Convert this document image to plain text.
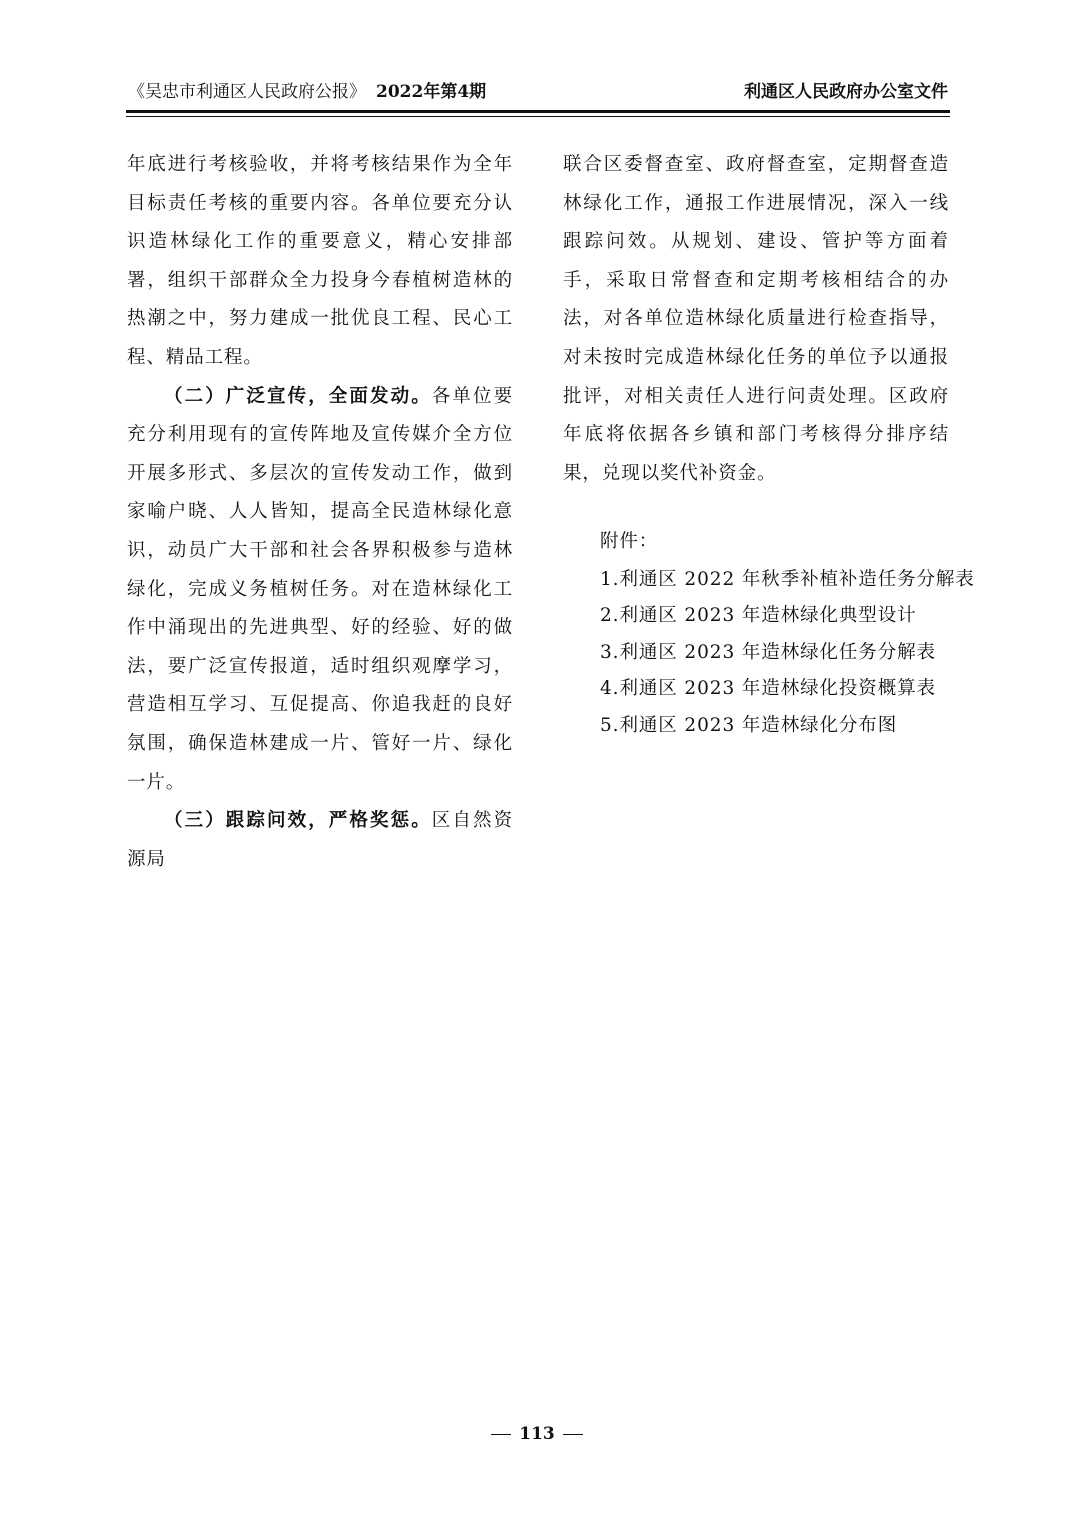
《吴忠市利通区人民政府公报》 2022年第4期	利通区人民政府办公室文件

年底进行考核验收，并将考核结果作为全年目标责任考核的重要内容。各单位要充分认识造林绿化工作的重要意义，精心安排部署，组织干部群众全力投身今春植树造林的热潮之中，努力建成一批优良工程、民心工程、精品工程。

（二）广泛宣传，全面发动。各单位要充分利用现有的宣传阵地及宣传媒介全方位开展多形式、多层次的宣传发动工作，做到家喻户晓、人人皆知，提高全民造林绿化意识，动员广大干部和社会各界积极参与造林绿化，完成义务植树任务。对在造林绿化工作中涌现出的先进典型、好的经验、好的做法，要广泛宣传报道，适时组织观摩学习，营造相互学习、互促提高、你追我赶的良好氛围，确保造林建成一片、管好一片、绿化一片。

（三）跟踪问效，严格奖惩。区自然资源局

联合区委督查室、政府督查室，定期督查造林绿化工作，通报工作进展情况，深入一线跟踪问效。从规划、建设、管护等方面着手，采取日常督查和定期考核相结合的办法，对各单位造林绿化质量进行检查指导，对未按时完成造林绿化任务的单位予以通报批评，对相关责任人进行问责处理。区政府年底将依据各乡镇和部门考核得分排序结果，兑现以奖代补资金。

附件：
1.利通区 2022 年秋季补植补造任务分解表
2.利通区 2023 年造林绿化典型设计
3.利通区 2023 年造林绿化任务分解表
4.利通区 2023 年造林绿化投资概算表
5.利通区 2023 年造林绿化分布图
113
